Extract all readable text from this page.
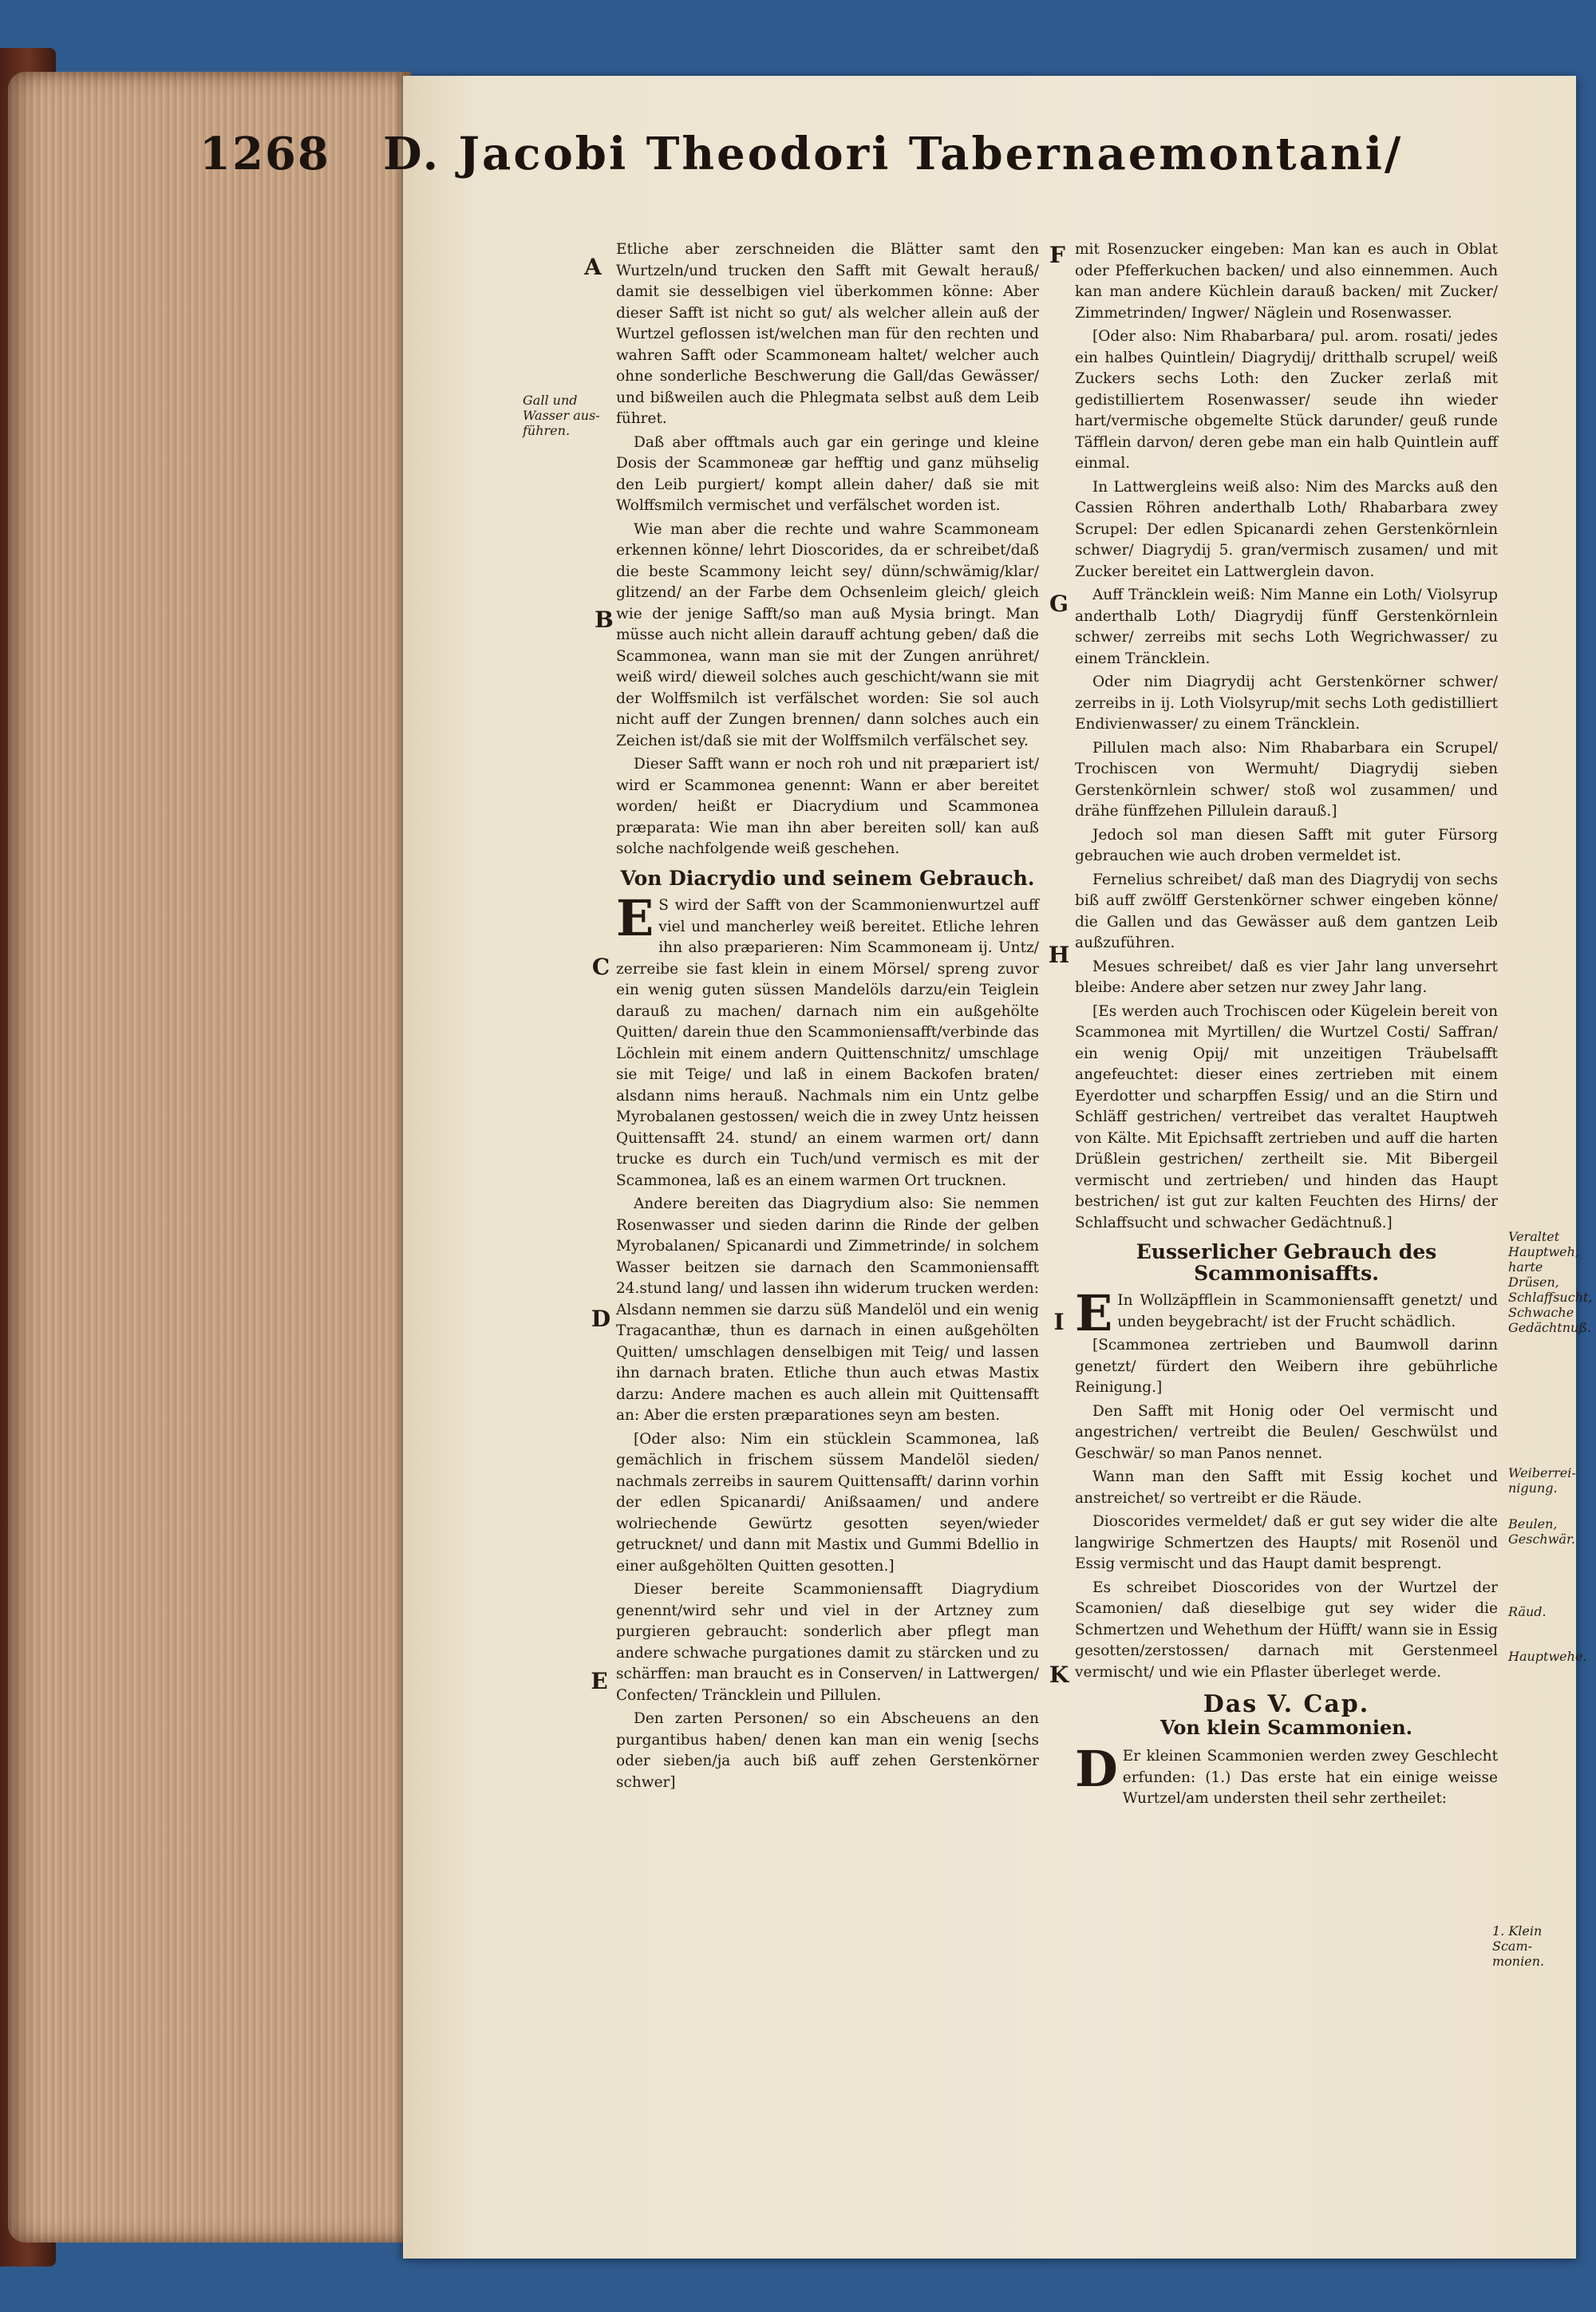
1268 D. Jacobi Theodori Tabernaemontani/
A
B
C
D
E
F
G
H
I
K
Gall und Wasser aus-führen.
Veraltet Hauptweh, harte Drüsen, Schlaffsucht, Schwache Gedächtnuß.
Weiberrei-nigung.
Beulen, Geschwär.
Räud.
Hauptwehe.
1. Klein Scam-monien.

Etliche aber zerschneiden die Blätter samt den Wurtzeln/und trucken den Safft mit Gewalt herauß/ damit sie desselbigen viel überkommen könne: Aber dieser Safft ist nicht so gut/ als welcher allein auß der Wurtzel geflossen ist/welchen man für den rechten und wahren Safft oder Scammoneam haltet/ welcher auch ohne sonderliche Beschwerung die Gall/das Gewässer/ und bißweilen auch die Phlegmata selbst auß dem Leib führet.

Daß aber offtmals auch gar ein geringe und kleine Dosis der Scammoneæ gar hefftig und ganz mühselig den Leib purgiert/ kompt allein daher/ daß sie mit Wolffsmilch vermischet und verfälschet worden ist.

Wie man aber die rechte und wahre Scammoneam erkennen könne/ lehrt Dioscorides, da er schreibet/daß die beste Scammony leicht sey/ dünn/schwämig/klar/ glitzend/ an der Farbe dem Ochsenleim gleich/ gleich wie der jenige Safft/so man auß Mysia bringt. Man müsse auch nicht allein darauff achtung geben/ daß die Scammonea, wann man sie mit der Zungen anrühret/ weiß wird/ dieweil solches auch geschicht/wann sie mit der Wolffsmilch ist verfälschet worden: Sie sol auch nicht auff der Zungen brennen/ dann solches auch ein Zeichen ist/daß sie mit der Wolffsmilch verfälschet sey.

Dieser Safft wann er noch roh und nit præpariert ist/ wird er Scammonea genennt: Wann er aber bereitet worden/ heißt er Diacrydium und Scammonea præparata: Wie man ihn aber bereiten soll/ kan auß solche nachfolgende weiß geschehen.

Von Diacrydio und seinem Gebrauch.

E S wird der Safft von der Scammonienwurtzel auff viel und mancherley weiß bereitet. Etliche lehren ihn also præparieren: Nim Scammoneam ij. Untz/ zerreibe sie fast klein in einem Mörsel/ spreng zuvor ein wenig guten süssen Mandelöls darzu/ein Teiglein darauß zu machen/ darnach nim ein außgehölte Quitten/ darein thue den Scammoniensafft/verbinde das Löchlein mit einem andern Quittenschnitz/ umschlage sie mit Teige/ und laß in einem Backofen braten/ alsdann nims herauß. Nachmals nim ein Untz gelbe Myrobalanen gestossen/ weich die in zwey Untz heissen Quittensafft 24. stund/ an einem warmen ort/ dann trucke es durch ein Tuch/und vermisch es mit der Scammonea, laß es an einem warmen Ort trucknen.

Andere bereiten das Diagrydium also: Sie nemmen Rosenwasser und sieden darinn die Rinde der gelben Myrobalanen/ Spicanardi und Zimmetrinde/ in solchem Wasser beitzen sie darnach den Scammoniensafft 24.stund lang/ und lassen ihn widerum trucken werden: Alsdann nemmen sie darzu süß Mandelöl und ein wenig Tragacanthæ, thun es darnach in einen außgehölten Quitten/ umschlagen denselbigen mit Teig/ und lassen ihn darnach braten. Etliche thun auch etwas Mastix darzu: Andere machen es auch allein mit Quittensafft an: Aber die ersten præparationes seyn am besten.

[Oder also: Nim ein stücklein Scammonea, laß gemächlich in frischem süssem Mandelöl sieden/ nachmals zerreibs in saurem Quittensafft/ darinn vorhin der edlen Spicanardi/ Anißsaamen/ und andere wolriechende Gewürtz gesotten seyen/wieder getrucknet/ und dann mit Mastix und Gummi Bdellio in einer außgehölten Quitten gesotten.]

Dieser bereite Scammoniensafft Diagrydium genennt/wird sehr und viel in der Artzney zum purgieren gebraucht: sonderlich aber pflegt man andere schwache purgationes damit zu stärcken und zu schärffen: man braucht es in Conserven/ in Lattwergen/ Confecten/ Träncklein und Pillulen.

Den zarten Personen/ so ein Abscheuens an den purgantibus haben/ denen kan man ein wenig [sechs oder sieben/ja auch biß auff zehen Gerstenkörner schwer]

mit Rosenzucker eingeben: Man kan es auch in Oblat oder Pfefferkuchen backen/ und also einnemmen. Auch kan man andere Küchlein darauß backen/ mit Zucker/ Zimmetrinden/ Ingwer/ Näglein und Rosenwasser.

[Oder also: Nim Rhabarbara/ pul. arom. rosati/ jedes ein halbes Quintlein/ Diagrydij/ dritthalb scrupel/ weiß Zuckers sechs Loth: den Zucker zerlaß mit gedistilliertem Rosenwasser/ seude ihn wieder hart/vermische obgemelte Stück darunder/ geuß runde Täfflein darvon/ deren gebe man ein halb Quintlein auff einmal.

In Lattwergleins weiß also: Nim des Marcks auß den Cassien Röhren anderthalb Loth/ Rhabarbara zwey Scrupel: Der edlen Spicanardi zehen Gerstenkörnlein schwer/ Diagrydij 5. gran/vermisch zusamen/ und mit Zucker bereitet ein Lattwerglein davon.

Auff Träncklein weiß: Nim Manne ein Loth/ Violsyrup anderthalb Loth/ Diagrydij fünff Gerstenkörnlein schwer/ zerreibs mit sechs Loth Wegrichwasser/ zu einem Träncklein.

Oder nim Diagrydij acht Gerstenkörner schwer/ zerreibs in ij. Loth Violsyrup/mit sechs Loth gedistilliert Endivienwasser/ zu einem Träncklein.

Pillulen mach also: Nim Rhabarbara ein Scrupel/ Trochiscen von Wermuht/ Diagrydij sieben Gerstenkörnlein schwer/ stoß wol zusammen/ und drähe fünffzehen Pillulein darauß.]

Jedoch sol man diesen Safft mit guter Fürsorg gebrauchen wie auch droben vermeldet ist.

Fernelius schreibet/ daß man des Diagrydij von sechs biß auff zwölff Gerstenkörner schwer eingeben könne/ die Gallen und das Gewässer auß dem gantzen Leib außzuführen.

Mesues schreibet/ daß es vier Jahr lang unversehrt bleibe: Andere aber setzen nur zwey Jahr lang.

[Es werden auch Trochiscen oder Kügelein bereit von Scammonea mit Myrtillen/ die Wurtzel Costi/ Saffran/ ein wenig Opij/ mit unzeitigen Träubelsafft angefeuchtet: dieser eines zertrieben mit einem Eyerdotter und scharpffen Essig/ und an die Stirn und Schläff gestrichen/ vertreibet das veraltet Hauptweh von Kälte. Mit Epichsafft zertrieben und auff die harten Drüßlein gestrichen/ zertheilt sie. Mit Bibergeil vermischt und zertrieben/ und hinden das Haupt bestrichen/ ist gut zur kalten Feuchten des Hirns/ der Schlaffsucht und schwacher Gedächtnuß.]

Eusserlicher Gebrauch des Scammonisaffts.

E In Wollzäpfflein in Scammoniensafft genetzt/ und unden beygebracht/ ist der Frucht schädlich.

[Scammonea zertrieben und Baumwoll darinn genetzt/ fürdert den Weibern ihre gebührliche Reinigung.]

Den Safft mit Honig oder Oel vermischt und angestrichen/ vertreibt die Beulen/ Geschwülst und Geschwär/ so man Panos nennet.

Wann man den Safft mit Essig kochet und anstreichet/ so vertreibt er die Räude.

Dioscorides vermeldet/ daß er gut sey wider die alte langwirige Schmertzen des Haupts/ mit Rosenöl und Essig vermischt und das Haupt damit besprengt.

Es schreibet Dioscorides von der Wurtzel der Scamonien/ daß dieselbige gut sey wider die Schmertzen und Wehethum der Hüfft/ wann sie in Essig gesotten/zerstossen/ darnach mit Gerstenmeel vermischt/ und wie ein Pflaster überleget werde.

Das V. Cap.
Von klein Scammonien.

D Er kleinen Scammonien werden zwey Geschlecht erfunden: (1.) Das erste hat ein einige weisse Wurtzel/am understen theil sehr zertheilet:
